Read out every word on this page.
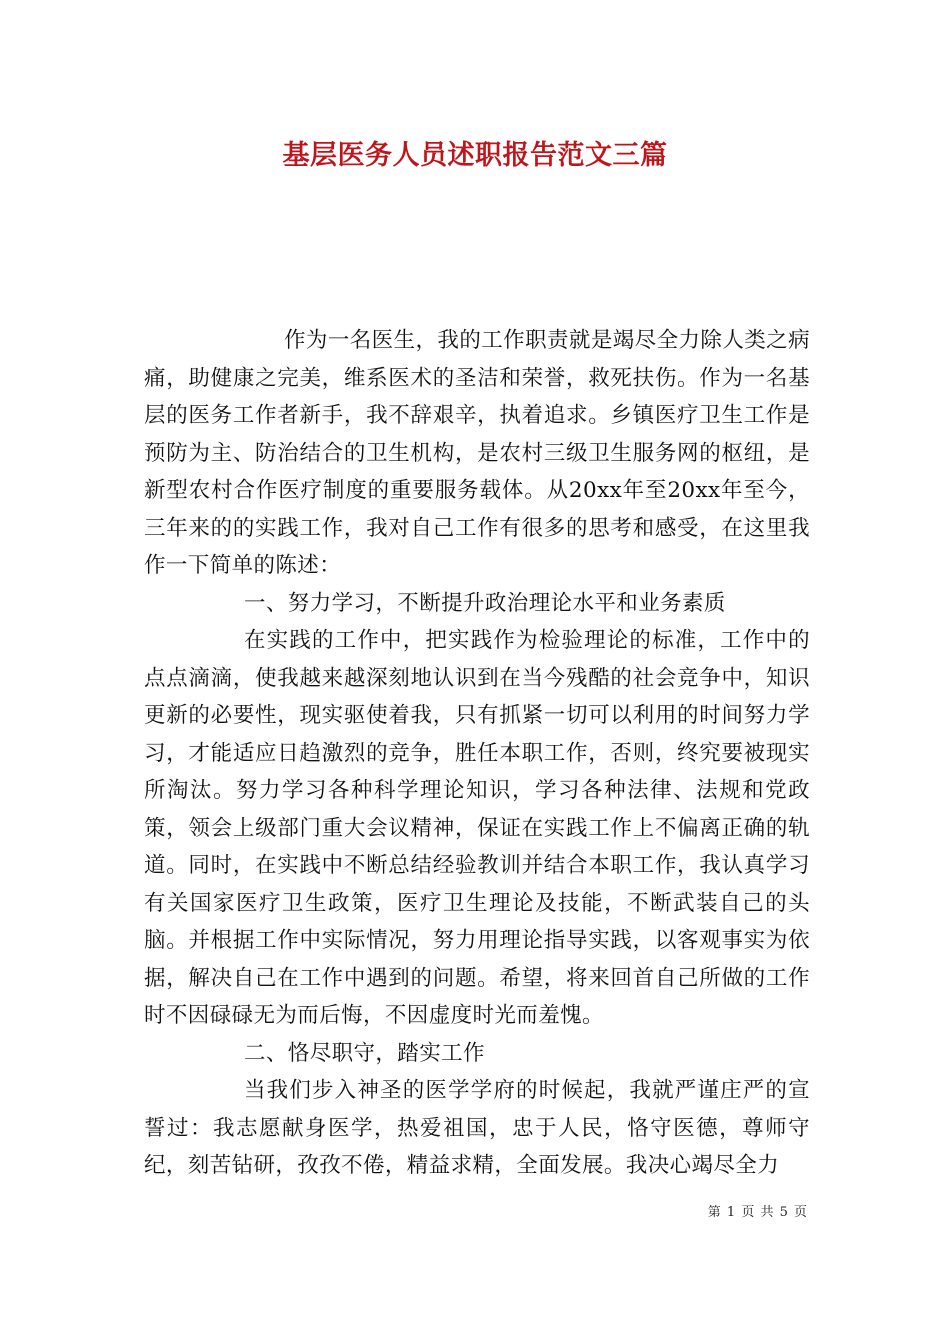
基层医务人员述职报告范文三篇

作为一名医生，我的工作职责就是竭尽全力除人类之病痛，助健康之完美，维系医术的圣洁和荣誉，救死扶伤。作为一名基层的医务工作者新手，我不辞艰辛，执着追求。乡镇医疗卫生工作是预防为主、防治结合的卫生机构，是农村三级卫生服务网的枢纽，是新型农村合作医疗制度的重要服务载体。从20xx年至20xx年至今，三年来的的实践工作，我对自己工作有很多的思考和感受，在这里我作一下简单的陈述：

一、努力学习，不断提升政治理论水平和业务素质

在实践的工作中，把实践作为检验理论的标准，工作中的点点滴滴，使我越来越深刻地认识到在当今残酷的社会竞争中，知识更新的必要性，现实驱使着我，只有抓紧一切可以利用的时间努力学习，才能适应日趋激烈的竞争，胜任本职工作，否则，终究要被现实所淘汰。努力学习各种科学理论知识，学习各种法律、法规和党政策，领会上级部门重大会议精神，保证在实践工作上不偏离正确的轨道。同时，在实践中不断总结经验教训并结合本职工作，我认真学习有关国家医疗卫生政策，医疗卫生理论及技能，不断武装自己的头脑。并根据工作中实际情况，努力用理论指导实践，以客观事实为依据，解决自己在工作中遇到的问题。希望，将来回首自己所做的工作时不因碌碌无为而后悔，不因虚度时光而羞愧。

二、恪尽职守，踏实工作

当我们步入神圣的医学学府的时候起，我就严谨庄严的宣誓过：我志愿献身医学，热爱祖国，忠于人民，恪守医德，尊师守纪，刻苦钻研，孜孜不倦，精益求精，全面发展。我决心竭尽全力

第 1 页 共 5 页
